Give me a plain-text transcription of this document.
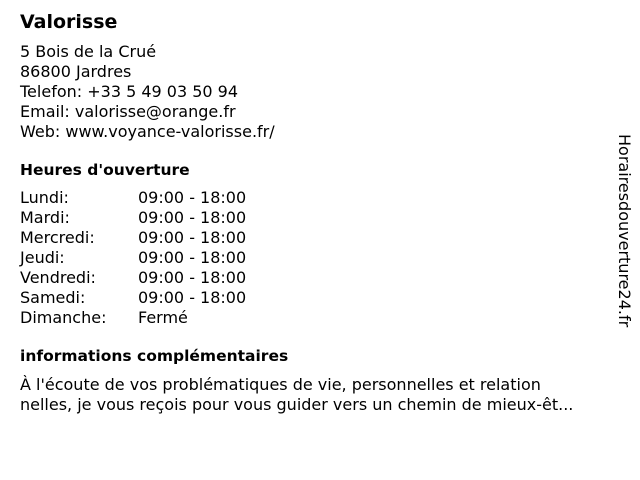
Valorisse
5 Bois de la Crué
86800 Jardres
Telefon: +33 5 49 03 50 94
Email: valorisse@orange.fr
Web: www.voyance-valorisse.fr/
Heures d'ouverture
Lundi:	09:00 - 18:00
Mardi:	09:00 - 18:00
Mercredi:	09:00 - 18:00
Jeudi:	09:00 - 18:00
Vendredi:	09:00 - 18:00
Samedi:	09:00 - 18:00
Dimanche:	Fermé
informations complémentaires
À l'écoute de vos problématiques de vie, personnelles et relation
nelles, je vous reçois pour vous guider vers un chemin de mieux-êt...
Horairesdouverture24.fr
